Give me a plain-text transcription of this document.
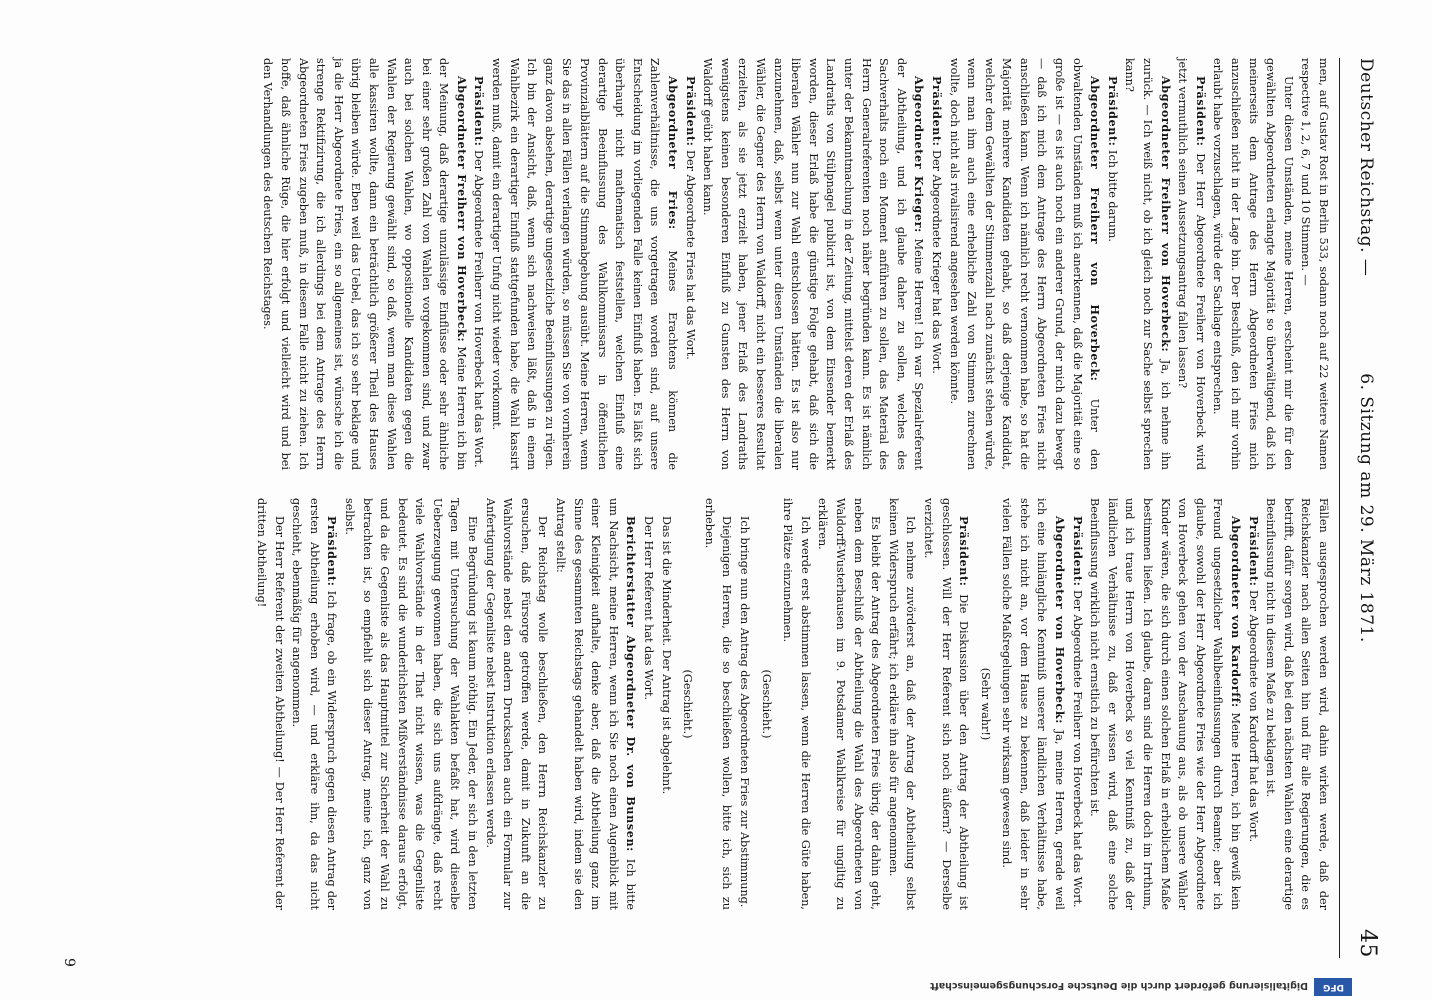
Deutscher Reichstag. —
6. Sitzung am 29. März 1871.
45

men, auf Gustav Rost in Berlin 533, sodann noch auf 22 weitere Namen respective 1, 2, 6, 7 und 10 Stimmen. —

Unter diesen Umständen, meine Herren, erscheint mir die für den gewählten Abgeordneten erlangte Majorität so überwältigend, daß ich meinerseits dem Antrage des Herrn Abgeordneten Fries mich anzuschließen nicht in der Lage bin. Der Beschluß, den ich mir vorhin erlaubt habe vorzuschlagen, würde der Sachlage entsprechen.

Präsident: Der Herr Abgeordnete Freiherr von Hoverbeck wird jetzt vermuthlich seinen Aussetzungsantrag fallen lassen?

Abgeordneter Freiherr von Hoverbeck: Ja, ich nehme ihn zurück. — Ich weiß nicht, ob ich gleich noch zur Sache selbst sprechen kann?

Präsident: Ich bitte darum.

Abgeordneter Freiherr von Hoverbeck: Unter den obwaltenden Umständen muß ich anerkennen, daß die Majorität eine so große ist — es ist auch noch ein anderer Grund, der mich dazu bewegt — daß ich mich dem Antrage des Herrn Abgeordneten Fries nicht anschließen kann. Wenn ich nämlich recht vernommen habe, so hat die Majorität mehrere Kandidaten gehabt, so daß derjenige Kandidat, welcher dem Gewählten der Stimmenzahl nach zunächst stehen würde, wenn man ihm auch eine erhebliche Zahl von Stimmen zurechnen wollte, doch nicht als rivalisirend angesehen werden könnte.

Präsident: Der Abgeordnete Krieger hat das Wort.

Abgeordneter Krieger: Meine Herren! Ich war Spezialreferent der Abtheilung, und ich glaube daher zu sollen, welches des Sachverhalts noch ein Moment anführen zu sollen, das Material des Herrn Generalreferenten noch näher begründen kann. Es ist nämlich unter der Bekanntmachung in der Zeitung, mittelst deren der Erlaß des Landraths von Stülpnagel publicirt ist, von dem Einsender bemerkt worden, dieser Erlaß habe die günstige Folge gehabt, daß sich die liberalen Wähler nun zur Wahl entschlossen hätten. Es ist also nur anzunehmen, daß, selbst wenn unter diesen Umständen die liberalen Wähler, die Gegner des Herrn von Waldorff, nicht ein besseres Resultat erzielten, als sie jetzt erzielt haben, jener Erlaß des Landraths wenigstens keinen besonderen Einfluß zu Gunsten des Herrn von Waldorff geübt haben kann.

Präsident: Der Abgeordnete Fries hat das Wort.

Abgeordneter Fries: Meines Erachtens können die Zahlenverhältnisse, die uns vorgetragen worden sind, auf unsere Entscheidung im vorliegenden Falle keinen Einfluß haben. Es läßt sich überhaupt nicht mathematisch feststellen, welchen Einfluß eine derartige Beeinflussung des Wahlkommissars in öffentlichen Provinzialblättern auf die Stimmabgebung ausübt. Meine Herren, wenn Sie das in allen Fällen verlangen würden, so müssen Sie von vornherein ganz davon absehen, derartige ungesetzliche Beeinflussungen zu rügen. Ich bin der Ansicht, daß, wenn sich nachweisen läßt, daß in einem Wahlbezirk ein derartiger Einfluß stattgefunden habe, die Wahl kassirt werden muß, damit ein derartiger Unfug nicht wieder vorkommt.

Präsident: Der Abgeordnete Freiherr von Hoverbeck hat das Wort.

Abgeordneter Freiherr von Hoverbeck: Meine Herren ich bin der Meinung, daß derartige unzulässige Einflüsse oder sehr ähnliche bei einer sehr großen Zahl von Wahlen vorgekommen sind, und zwar auch bei solchen Wahlen, wo oppositionelle Kandidaten gegen die Wahlen der Regierung gewählt sind, so daß, wenn man diese Wahlen alle kassiren wollte, dann ein beträchtlich größerer Theil des Hauses übrig bleiben würde. Eben weil das Uebel, das ich so sehr beklage und ja die Herr Abgeordnete Fries, ein so allgemeines ist, wünsche ich die strenge Rektifizirung, die ich allerdings bei dem Antrage des Herrn Abgeordneten Fries zugeben muß, in diesem Falle nicht zu ziehen. Ich hoffe, daß ähnliche Rüge, die hier erfolgt und vielleicht wird und bei den Verhandlungen des deutschen Reichstages.

Fällen ausgesprochen werden wird, dahin wirken werde, daß der Reichskanzler nach allen Seiten hin und für alle Regierungen, die es betrifft, dafür sorgen wird, daß bei den nächsten Wahlen eine derartige Beeinflussung nicht in diesem Maße zu beklagen ist.

Präsident: Der Abgeordnete von Kardorff hat das Wort.

Abgeordneter von Kardorff: Meine Herren, ich bin gewiß kein Freund ungesetzlicher Wahlbeeinflussungen durch Beamte; aber ich glaube, sowohl der Herr Abgeordnete Fries wie der Herr Abgeordnete von Hoverbeck gehen von der Anschauung aus, als ob unsere Wähler Kinder wären, die sich durch einen solchen Erlaß in erheblichem Maße bestimmen ließen. Ich glaube, daran sind die Herren doch im Irrthum, und ich traue Herrn von Hoverbeck so viel Kenntniß zu, daß der ländlichen Verhältnisse zu, daß er wissen wird, daß eine solche Beeinflussung wirklich nicht ernstlich zu befürchten ist.

Präsident: Der Abgeordnete Freiherr von Hoverbeck hat das Wort.

Abgeordneter von Hoverbeck: Ja, meine Herren, gerade weil ich eine hinlängliche Kenntniß unserer ländlichen Verhältnisse habe, stehe ich nicht an, vor dem Hause zu bekennen, daß leider in sehr vielen Fällen solche Maßregelungen sehr wirksam gewesen sind.

(Sehr wahr!)

Präsident: Die Diskussion über den Antrag der Abtheilung ist geschlossen. Will der Herr Referent sich noch äußern? — Derselbe verzichtet.

Ich nehme zuvörderst an, daß der Antrag der Abtheilung selbst keinen Widerspruch erfährt; ich erkläre ihn also für angenommen.

Es bleibt der Antrag des Abgeordneten Fries übrig, der dahin geht, neben dem Beschluß der Abtheilung die Wahl des Abgeordneten von Waldorff-Wusterhausen im 9. Potsdamer Wahlkreise für ungiltig zu erklären.

Ich werde erst abstimmen lassen, wenn die Herren die Güte haben, ihre Plätze einzunehmen.

(Geschieht.)

Ich bringe nun den Antrag des Abgeordneten Fries zur Abstimmung.

Diejenigen Herren, die so beschließen wollen, bitte ich, sich zu erheben.

(Geschieht.)

Das ist die Minderheit. Der Antrag ist abgelehnt.

Der Herr Referent hat das Wort.

Berichterstatter Abgeordneter Dr. von Bunsen: Ich bitte um Nachsicht, meine Herren, wenn ich Sie noch einen Augenblick mit einer Kleinigkeit aufhalte, denke aber, daß die Abtheilung ganz im Sinne des gesammten Reichstags gehandelt haben wird, indem sie den Antrag stellt:

Der Reichstag wolle beschließen, den Herrn Reichskanzler zu ersuchen, daß Fürsorge getroffen werde, damit in Zukunft an die Wahlvorstände nebst den andern Drucksachen auch ein Formular zur Anfertigung der Gegenliste nebst Instruktion erlassen werde.

Eine Begründung ist kaum nöthig. Ein Jeder, der sich in den letzten Tagen mit Untersuchung der Wahlakten befaßt hat, wird dieselbe Ueberzeugung gewonnen haben, die sich uns aufdrängte, daß recht viele Wahlvorstände in der That nicht wissen, was die Gegenliste bedeutet. Es sind die wunderlichsten Mißverständnisse daraus erfolgt, und da die Gegenliste als das Hauptmittel zur Sicherheit der Wahl zu betrachten ist, so empfiehlt sich dieser Antrag, meine ich, ganz von selbst.

Präsident: Ich frage, ob ein Widerspruch gegen diesen Antrag der ersten Abtheilung erhoben wird, — und erkläre ihn, da das nicht geschieht, ebenmäßig für angenommen.

Der Herr Referent der zweiten Abtheilung! — Der Herr Referent der dritten Abtheilung!

9
DFG
Digitalisierung gefördert durch die Deutsche Forschungsgemeinschaft
